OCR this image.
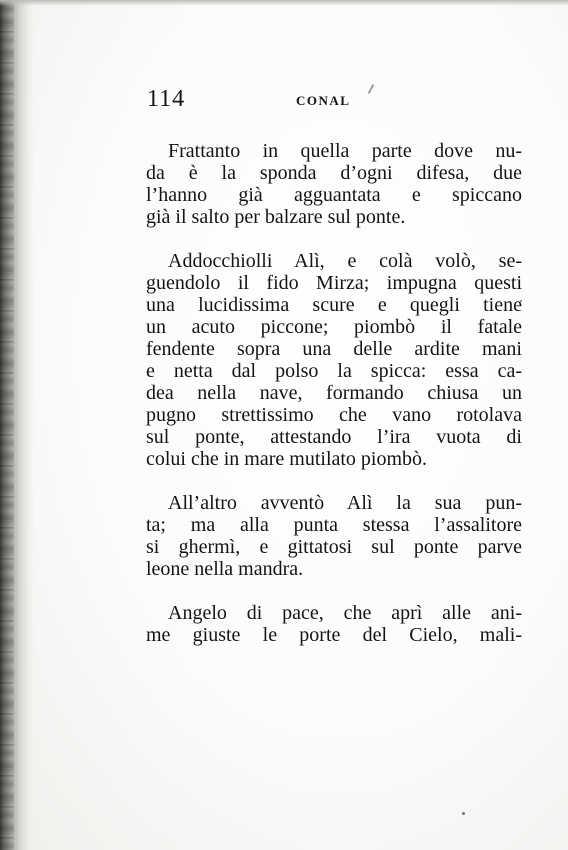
114	CONAL
Frattanto in quella parte dove nu-
da è la sponda d’ogni difesa, due
l’hanno già agguantata e spiccano
già il salto per balzare sul ponte.
Addocchiolli Alì, e colà volò, se-
guendolo il fido Mirza; impugna questi
una lucidissima scure e quegli tiene
un acuto piccone; piombò il fatale
fendente sopra una delle ardite mani
e netta dal polso la spicca: essa ca-
dea nella nave, formando chiusa un
pugno strettissimo che vano rotolava
sul ponte, attestando l’ira vuota di
colui che in mare mutilato piombò.
All’altro avventò Alì la sua pun-
ta; ma alla punta stessa l’assalitore
si ghermì, e gittatosi sul ponte parve
leone nella mandra.
Angelo di pace, che aprì alle ani-
me giuste le porte del Cielo, mali-
